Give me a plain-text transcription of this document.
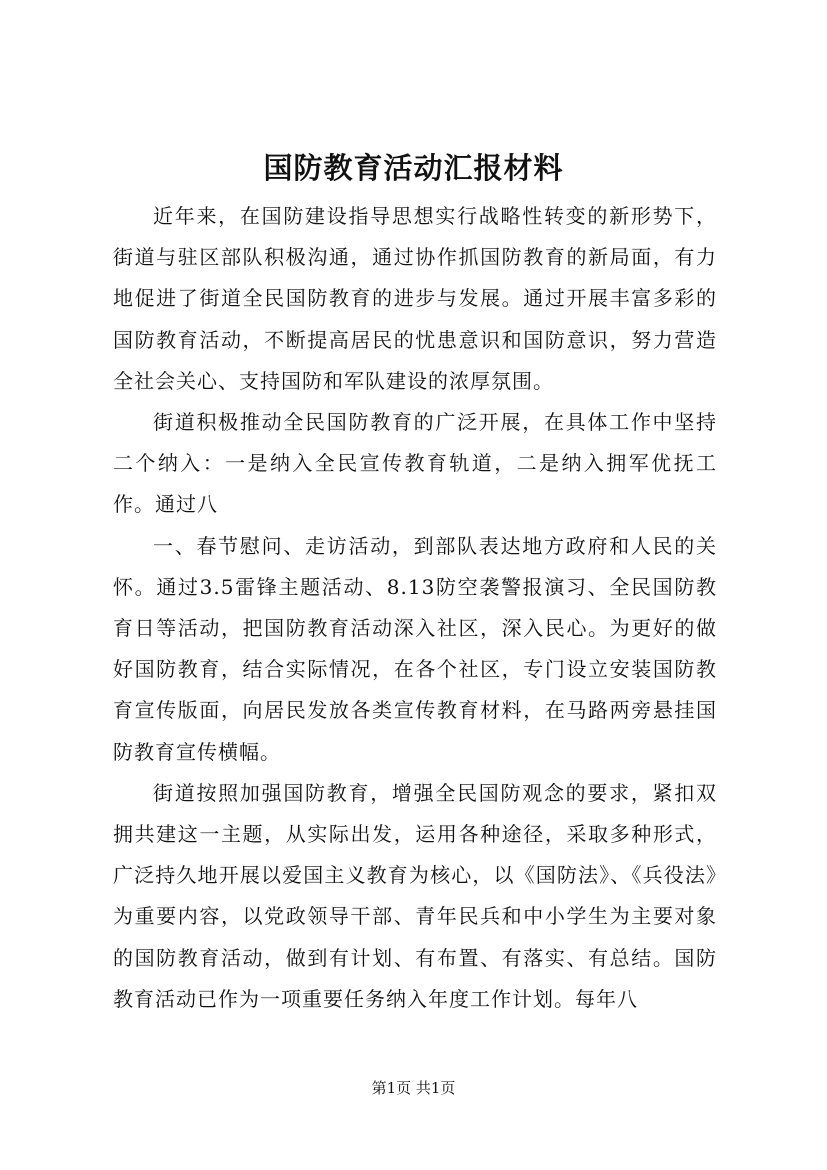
国防教育活动汇报材料

近年来，在国防建设指导思想实行战略性转变的新形势下，街道与驻区部队积极沟通，通过协作抓国防教育的新局面，有力地促进了街道全民国防教育的进步与发展。通过开展丰富多彩的国防教育活动，不断提高居民的忧患意识和国防意识，努力营造全社会关心、支持国防和军队建设的浓厚氛围。

街道积极推动全民国防教育的广泛开展，在具体工作中坚持二个纳入：一是纳入全民宣传教育轨道，二是纳入拥军优抚工作。通过八

一、春节慰问、走访活动，到部队表达地方政府和人民的关怀。通过3.5雷锋主题活动、8.13防空袭警报演习、全民国防教育日等活动，把国防教育活动深入社区，深入民心。为更好的做好国防教育，结合实际情况，在各个社区，专门设立安装国防教育宣传版面，向居民发放各类宣传教育材料，在马路两旁悬挂国防教育宣传横幅。

街道按照加强国防教育，增强全民国防观念的要求，紧扣双拥共建这一主题，从实际出发，运用各种途径，采取多种形式，广泛持久地开展以爱国主义教育为核心，以《国防法》、《兵役法》为重要内容，以党政领导干部、青年民兵和中小学生为主要对象的国防教育活动，做到有计划、有布置、有落实、有总结。国防教育活动已作为一项重要任务纳入年度工作计划。每年八

第1页 共1页
